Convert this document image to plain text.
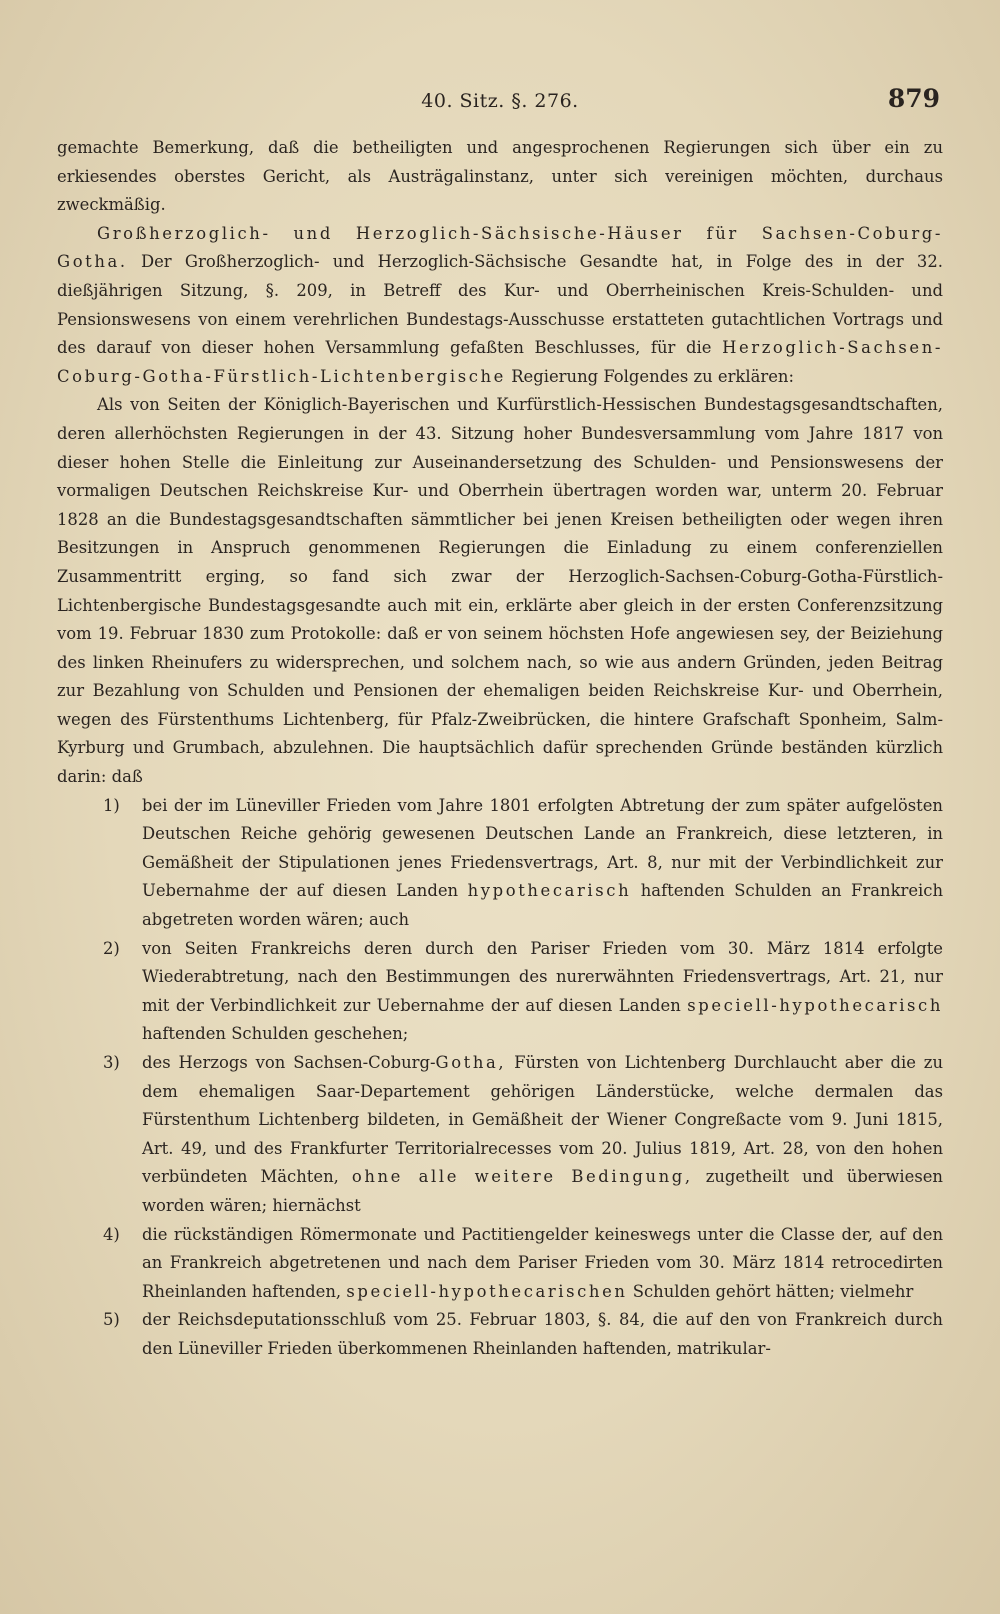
40. Sitz. §. 276.	879

gemachte Bemerkung, daß die betheiligten und angesprochenen Regierungen sich über ein zu erkiesendes oberstes Gericht, als Austrägalinstanz, unter sich vereinigen möchten, durchaus zweckmäßig.

Großherzoglich- und Herzoglich-Sächsische-Häuser für Sachsen-Coburg-Gotha. Der Großherzoglich- und Herzoglich-Sächsische Gesandte hat, in Folge des in der 32. dießjährigen Sitzung, §. 209, in Betreff des Kur- und Oberrheinischen Kreis-Schulden- und Pensionswesens von einem verehrlichen Bundestags-Ausschusse erstatteten gutachtlichen Vortrags und des darauf von dieser hohen Versammlung gefaßten Beschlusses, für die Herzoglich-Sachsen-Coburg-Gotha-Fürstlich-Lichtenbergische Regierung Folgendes zu erklären:

Als von Seiten der Königlich-Bayerischen und Kurfürstlich-Hessischen Bundestagsgesandtschaften, deren allerhöchsten Regierungen in der 43. Sitzung hoher Bundesversammlung vom Jahre 1817 von dieser hohen Stelle die Einleitung zur Auseinandersetzung des Schulden- und Pensionswesens der vormaligen Deutschen Reichskreise Kur- und Oberrhein übertragen worden war, unterm 20. Februar 1828 an die Bundestagsgesandtschaften sämmtlicher bei jenen Kreisen betheiligten oder wegen ihren Besitzungen in Anspruch genommenen Regierungen die Einladung zu einem conferenziellen Zusammentritt erging, so fand sich zwar der Herzoglich-Sachsen-Coburg-Gotha-Fürstlich-Lichtenbergische Bundestagsgesandte auch mit ein, erklärte aber gleich in der ersten Conferenzsitzung vom 19. Februar 1830 zum Protokolle: daß er von seinem höchsten Hofe angewiesen sey, der Beiziehung des linken Rheinufers zu widersprechen, und solchem nach, so wie aus andern Gründen, jeden Beitrag zur Bezahlung von Schulden und Pensionen der ehemaligen beiden Reichskreise Kur- und Oberrhein, wegen des Fürstenthums Lichtenberg, für Pfalz-Zweibrücken, die hintere Grafschaft Sponheim, Salm-Kyrburg und Grumbach, abzulehnen. Die hauptsächlich dafür sprechenden Gründe beständen kürzlich darin: daß

1) bei der im Lüneviller Frieden vom Jahre 1801 erfolgten Abtretung der zum später aufgelösten Deutschen Reiche gehörig gewesenen Deutschen Lande an Frankreich, diese letzteren, in Gemäßheit der Stipulationen jenes Friedensvertrags, Art. 8, nur mit der Verbindlichkeit zur Uebernahme der auf diesen Landen hypothecarisch haftenden Schulden an Frankreich abgetreten worden wären; auch
2) von Seiten Frankreichs deren durch den Pariser Frieden vom 30. März 1814 erfolgte Wiederabtretung, nach den Bestimmungen des nurerwähnten Friedensvertrags, Art. 21, nur mit der Verbindlichkeit zur Uebernahme der auf diesen Landen speciell-hypothecarisch haftenden Schulden geschehen;
3) des Herzogs von Sachsen-Coburg-Gotha, Fürsten von Lichtenberg Durchlaucht aber die zu dem ehemaligen Saar-Departement gehörigen Länderstücke, welche dermalen das Fürstenthum Lichtenberg bildeten, in Gemäßheit der Wiener Congreßacte vom 9. Juni 1815, Art. 49, und des Frankfurter Territorialrecesses vom 20. Julius 1819, Art. 28, von den hohen verbündeten Mächten, ohne alle weitere Bedingung, zugetheilt und überwiesen worden wären; hiernächst
4) die rückständigen Römermonate und Pactitiengelder keineswegs unter die Classe der, auf den an Frankreich abgetretenen und nach dem Pariser Frieden vom 30. März 1814 retrocedirten Rheinlanden haftenden, speciell-hypothecarischen Schulden gehört hätten; vielmehr
5) der Reichsdeputationsschluß vom 25. Februar 1803, §. 84, die auf den von Frankreich durch den Lüneviller Frieden überkommenen Rheinlanden haftenden, matrikular-
